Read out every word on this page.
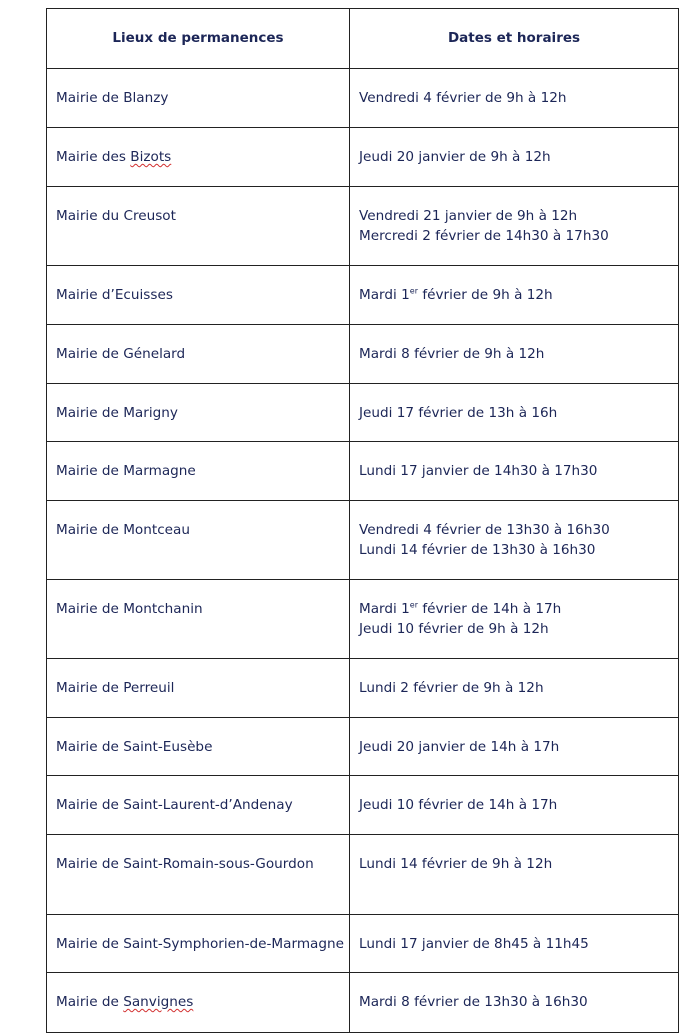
Lieux de permanences	Dates et horaires

Mairie de Blanzy	Vendredi 4 février de 9h à 12h

Mairie des Bizots	Jeudi 20 janvier de 9h à 12h

Mairie du Creusot	Vendredi 21 janvier de 9h à 12h
Mercredi 2 février de 14h30 à 17h30

Mairie d’Ecuisses	Mardi 1er février de 9h à 12h

Mairie de Génelard	Mardi 8 février de 9h à 12h

Mairie de Marigny	Jeudi 17 février de 13h à 16h

Mairie de Marmagne	Lundi 17 janvier de 14h30 à 17h30

Mairie de Montceau	Vendredi 4 février de 13h30 à 16h30
Lundi 14 février de 13h30 à 16h30

Mairie de Montchanin	Mardi 1er février de 14h à 17h
Jeudi 10 février de 9h à 12h

Mairie de Perreuil	Lundi 2 février de 9h à 12h

Mairie de Saint-Eusèbe	Jeudi 20 janvier de 14h à 17h

Mairie de Saint-Laurent-d’Andenay	Jeudi 10 février de 14h à 17h

Mairie de Saint-Romain-sous-Gourdon	Lundi 14 février de 9h à 12h

Mairie de Saint-Symphorien-de-Marmagne	Lundi 17 janvier de 8h45 à 11h45

Mairie de Sanvignes	Mardi 8 février de 13h30 à 16h30
